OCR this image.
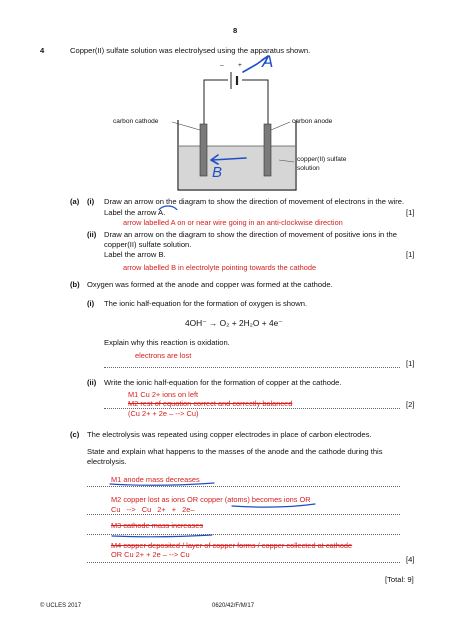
8
4	Copper(II) sulfate solution was electrolysed using the apparatus shown.
– +
carbon cathode	carbon anode
copper(II) sulfate
solution
A
B
(a) (i) Draw an arrow on the diagram to show the direction of movement of electrons in the wire.
Label the arrow A.	[1]
arrow labelled A on or near wire going in an anti-clockwise direction
(ii) Draw an arrow on the diagram to show the direction of movement of positive ions in the
copper(II) sulfate solution.
Label the arrow B.	[1]
arrow labelled B in electrolyte pointing towards the cathode
(b) Oxygen was formed at the anode and copper was formed at the cathode.
(i) The ionic half-equation for the formation of oxygen is shown.
4OH⁻ → O₂ + 2H₂O + 4e⁻
Explain why this reaction is oxidation.
electrons are lost
[1]
(ii) Write the ionic half-equation for the formation of copper at the cathode.
M1 Cu 2+ ions on left
M2 rest of equation correct and correctly balanced	[2]
(Cu 2+ + 2e – --> Cu)
(c) The electrolysis was repeated using copper electrodes in place of carbon electrodes.
State and explain what happens to the masses of the anode and the cathode during this
electrolysis.
M1 anode mass decreases
M2 copper lost as ions OR copper (atoms) becomes ions OR
Cu --> Cu 2+ + 2e–
M3 cathode mass increases
M4 copper deposited / layer of copper forms / copper collected at cathode
OR Cu 2+ + 2e – --> Cu
[4]
[Total: 9]
© UCLES 2017	0620/42/F/M/17
